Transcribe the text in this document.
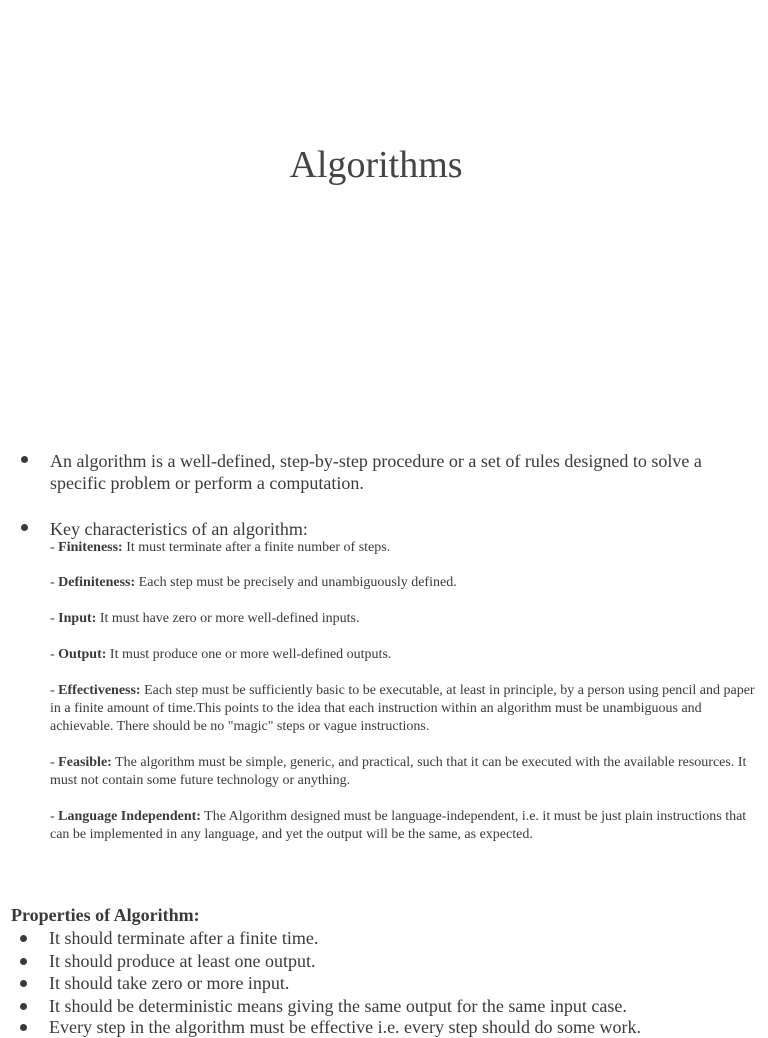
Algorithms
An algorithm is a well-defined, step-by-step procedure or a set of rules designed to solve a specific problem or perform a computation.
Key characteristics of an algorithm:
- Finiteness: It must terminate after a finite number of steps.
- Definiteness: Each step must be precisely and unambiguously defined.
- Input: It must have zero or more well-defined inputs.
- Output: It must produce one or more well-defined outputs.
- Effectiveness: Each step must be sufficiently basic to be executable, at least in principle, by a person using pencil and paper in a finite amount of time.This points to the idea that each instruction within an algorithm must be unambiguous and achievable. There should be no "magic" steps or vague instructions.
- Feasible: The algorithm must be simple, generic, and practical, such that it can be executed with the available resources. It must not contain some future technology or anything.
- Language Independent: The Algorithm designed must be language-independent, i.e. it must be just plain instructions that can be implemented in any language, and yet the output will be the same, as expected.
Properties of Algorithm:
It should terminate after a finite time.
It should produce at least one output.
It should take zero or more input.
It should be deterministic means giving the same output for the same input case.
Every step in the algorithm must be effective i.e. every step should do some work.
